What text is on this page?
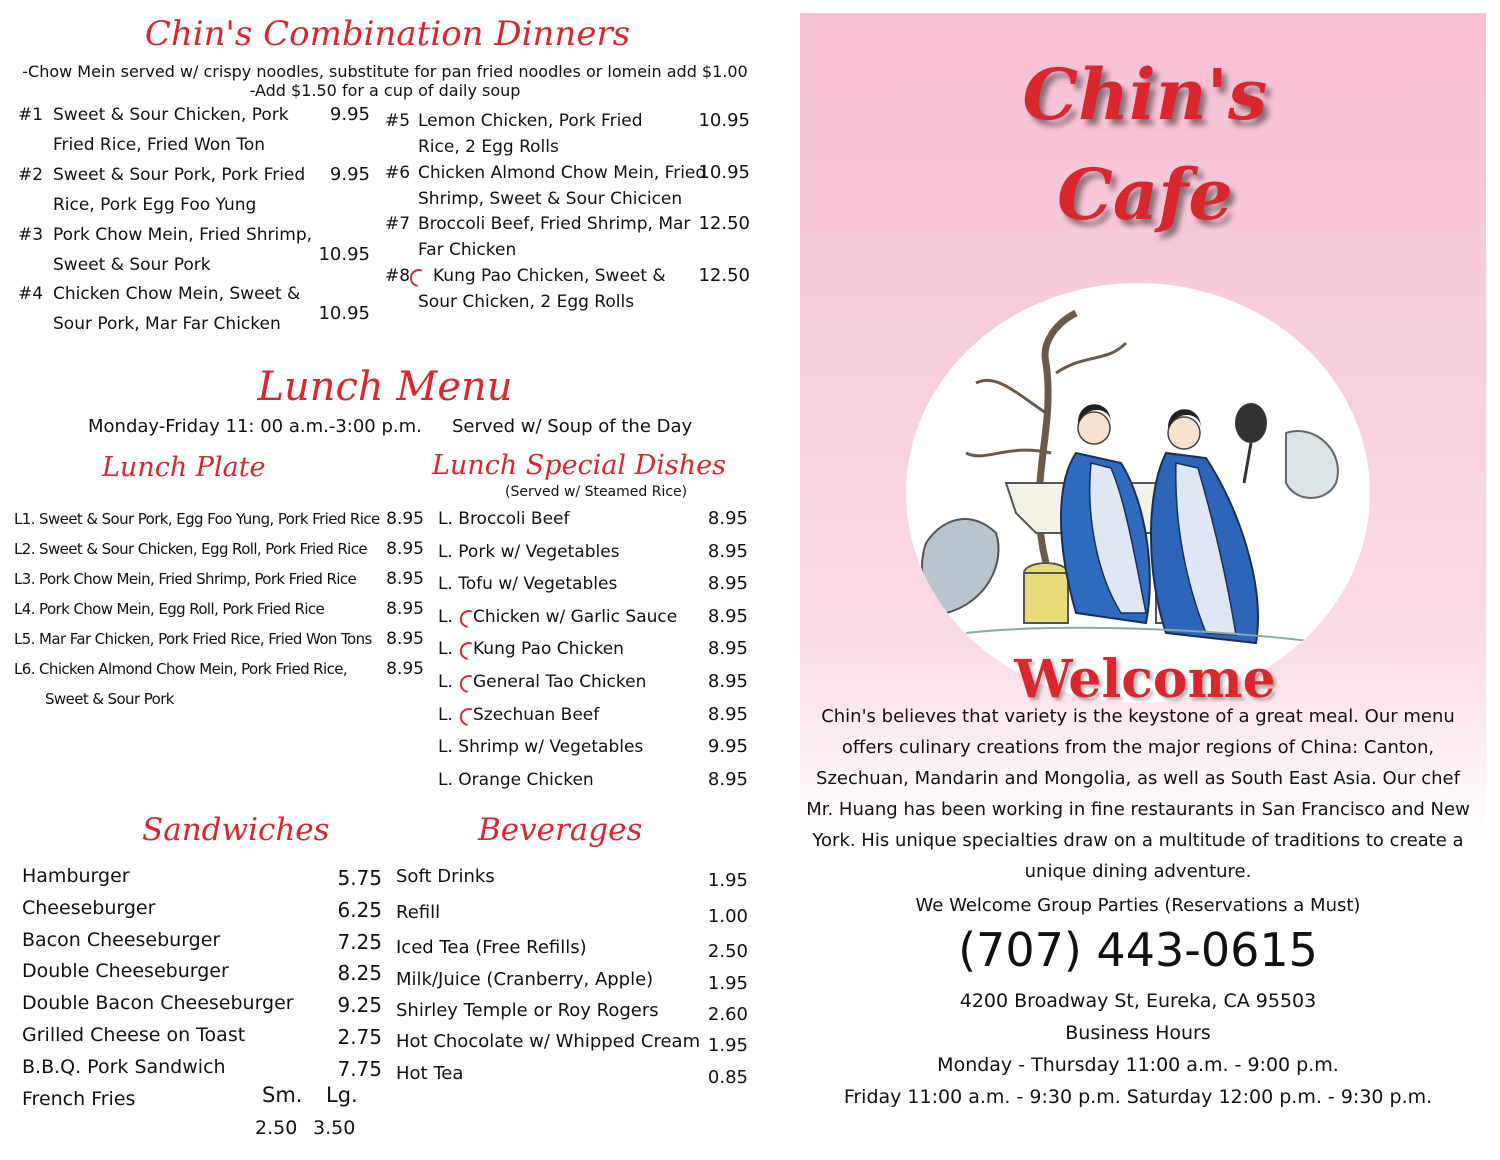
Chin's Combination Dinners
-Chow Mein served w/ crispy noodles, substitute for pan fried noodles or lomein add $1.00
-Add $1.50 for a cup of daily soup
#1 Sweet & Sour Chicken, Pork
Fried Rice, Fried Won Ton
9.95
#2 Sweet & Sour Pork, Pork Fried
Rice, Pork Egg Foo Yung
9.95
#3 Pork Chow Mein, Fried Shrimp,
Sweet & Sour Pork	10.95
#4 Chicken Chow Mein, Sweet &
Sour Pork, Mar Far Chicken	10.95
#5 Lemon Chicken, Pork Fried
Rice, 2 Egg Rolls
10.95
#6 Chicken Almond Chow Mein, Fried
Shrimp, Sweet & Sour Chicicen
10.95
#7 Broccoli Beef, Fried Shrimp, Mar
Far Chicken
12.50
#8 Kung Pao Chicken, Sweet &
Sour Chicken, 2 Egg Rolls
12.50
Lunch Menu
Monday-Friday 11: 00 a.m.-3:00 p.m. Served w/ Soup of the Day
Lunch Plate
L1. Sweet & Sour Pork, Egg Foo Yung, Pork Fried Rice 8.95
L2. Sweet & Sour Chicken, Egg Roll, Pork Fried Rice	8.95
L3. Pork Chow Mein, Fried Shrimp, Pork Fried Rice	8.95
L4. Pork Chow Mein, Egg Roll, Pork Fried Rice	8.95
L5. Mar Far Chicken, Pork Fried Rice, Fried Won Tons 8.95
L6. Chicken Almond Chow Mein, Pork Fried Rice,	8.95
Sweet & Sour Pork
Lunch Special Dishes
(Served w/ Steamed Rice)
L. Broccoli Beef	8.95
L. Pork w/ Vegetables	8.95
L. Tofu w/ Vegetables	8.95
L. Chicken w/ Garlic Sauce	8.95
L. Kung Pao Chicken	8.95
L. General Tao Chicken	8.95
L. Szechuan Beef	8.95
L. Shrimp w/ Vegetables	9.95
L. Orange Chicken	8.95
Sandwiches
Hamburger	5.75
Cheeseburger	6.25
Bacon Cheeseburger	7.25
Double Cheeseburger	8.25
Double Bacon Cheeseburger	9.25
Grilled Cheese on Toast	2.75
B.B.Q. Pork Sandwich	7.75
French Fries	Sm. Lg.
2.50 3.50
Beverages
Soft Drinks	1.95
Refill	1.00
Iced Tea (Free Refills)	2.50
Milk/Juice (Cranberry, Apple)	1.95
Shirley Temple or Roy Rogers	2.60
Hot Chocolate w/ Whipped Cream 1.95
Hot Tea	0.85
Chin's
Cafe
Welcome
Chin's believes that variety is the keystone of a great meal. Our menu
offers culinary creations from the major regions of China: Canton,
Szechuan, Mandarin and Mongolia, as well as South East Asia. Our chef
Mr. Huang has been working in fine restaurants in San Francisco and New
York. His unique specialties draw on a multitude of traditions to create a
unique dining adventure.
We Welcome Group Parties (Reservations a Must)
(707) 443-0615
4200 Broadway St, Eureka, CA 95503
Business Hours
Monday - Thursday 11:00 a.m. - 9:00 p.m.
Friday 11:00 a.m. - 9:30 p.m. Saturday 12:00 p.m. - 9:30 p.m.
